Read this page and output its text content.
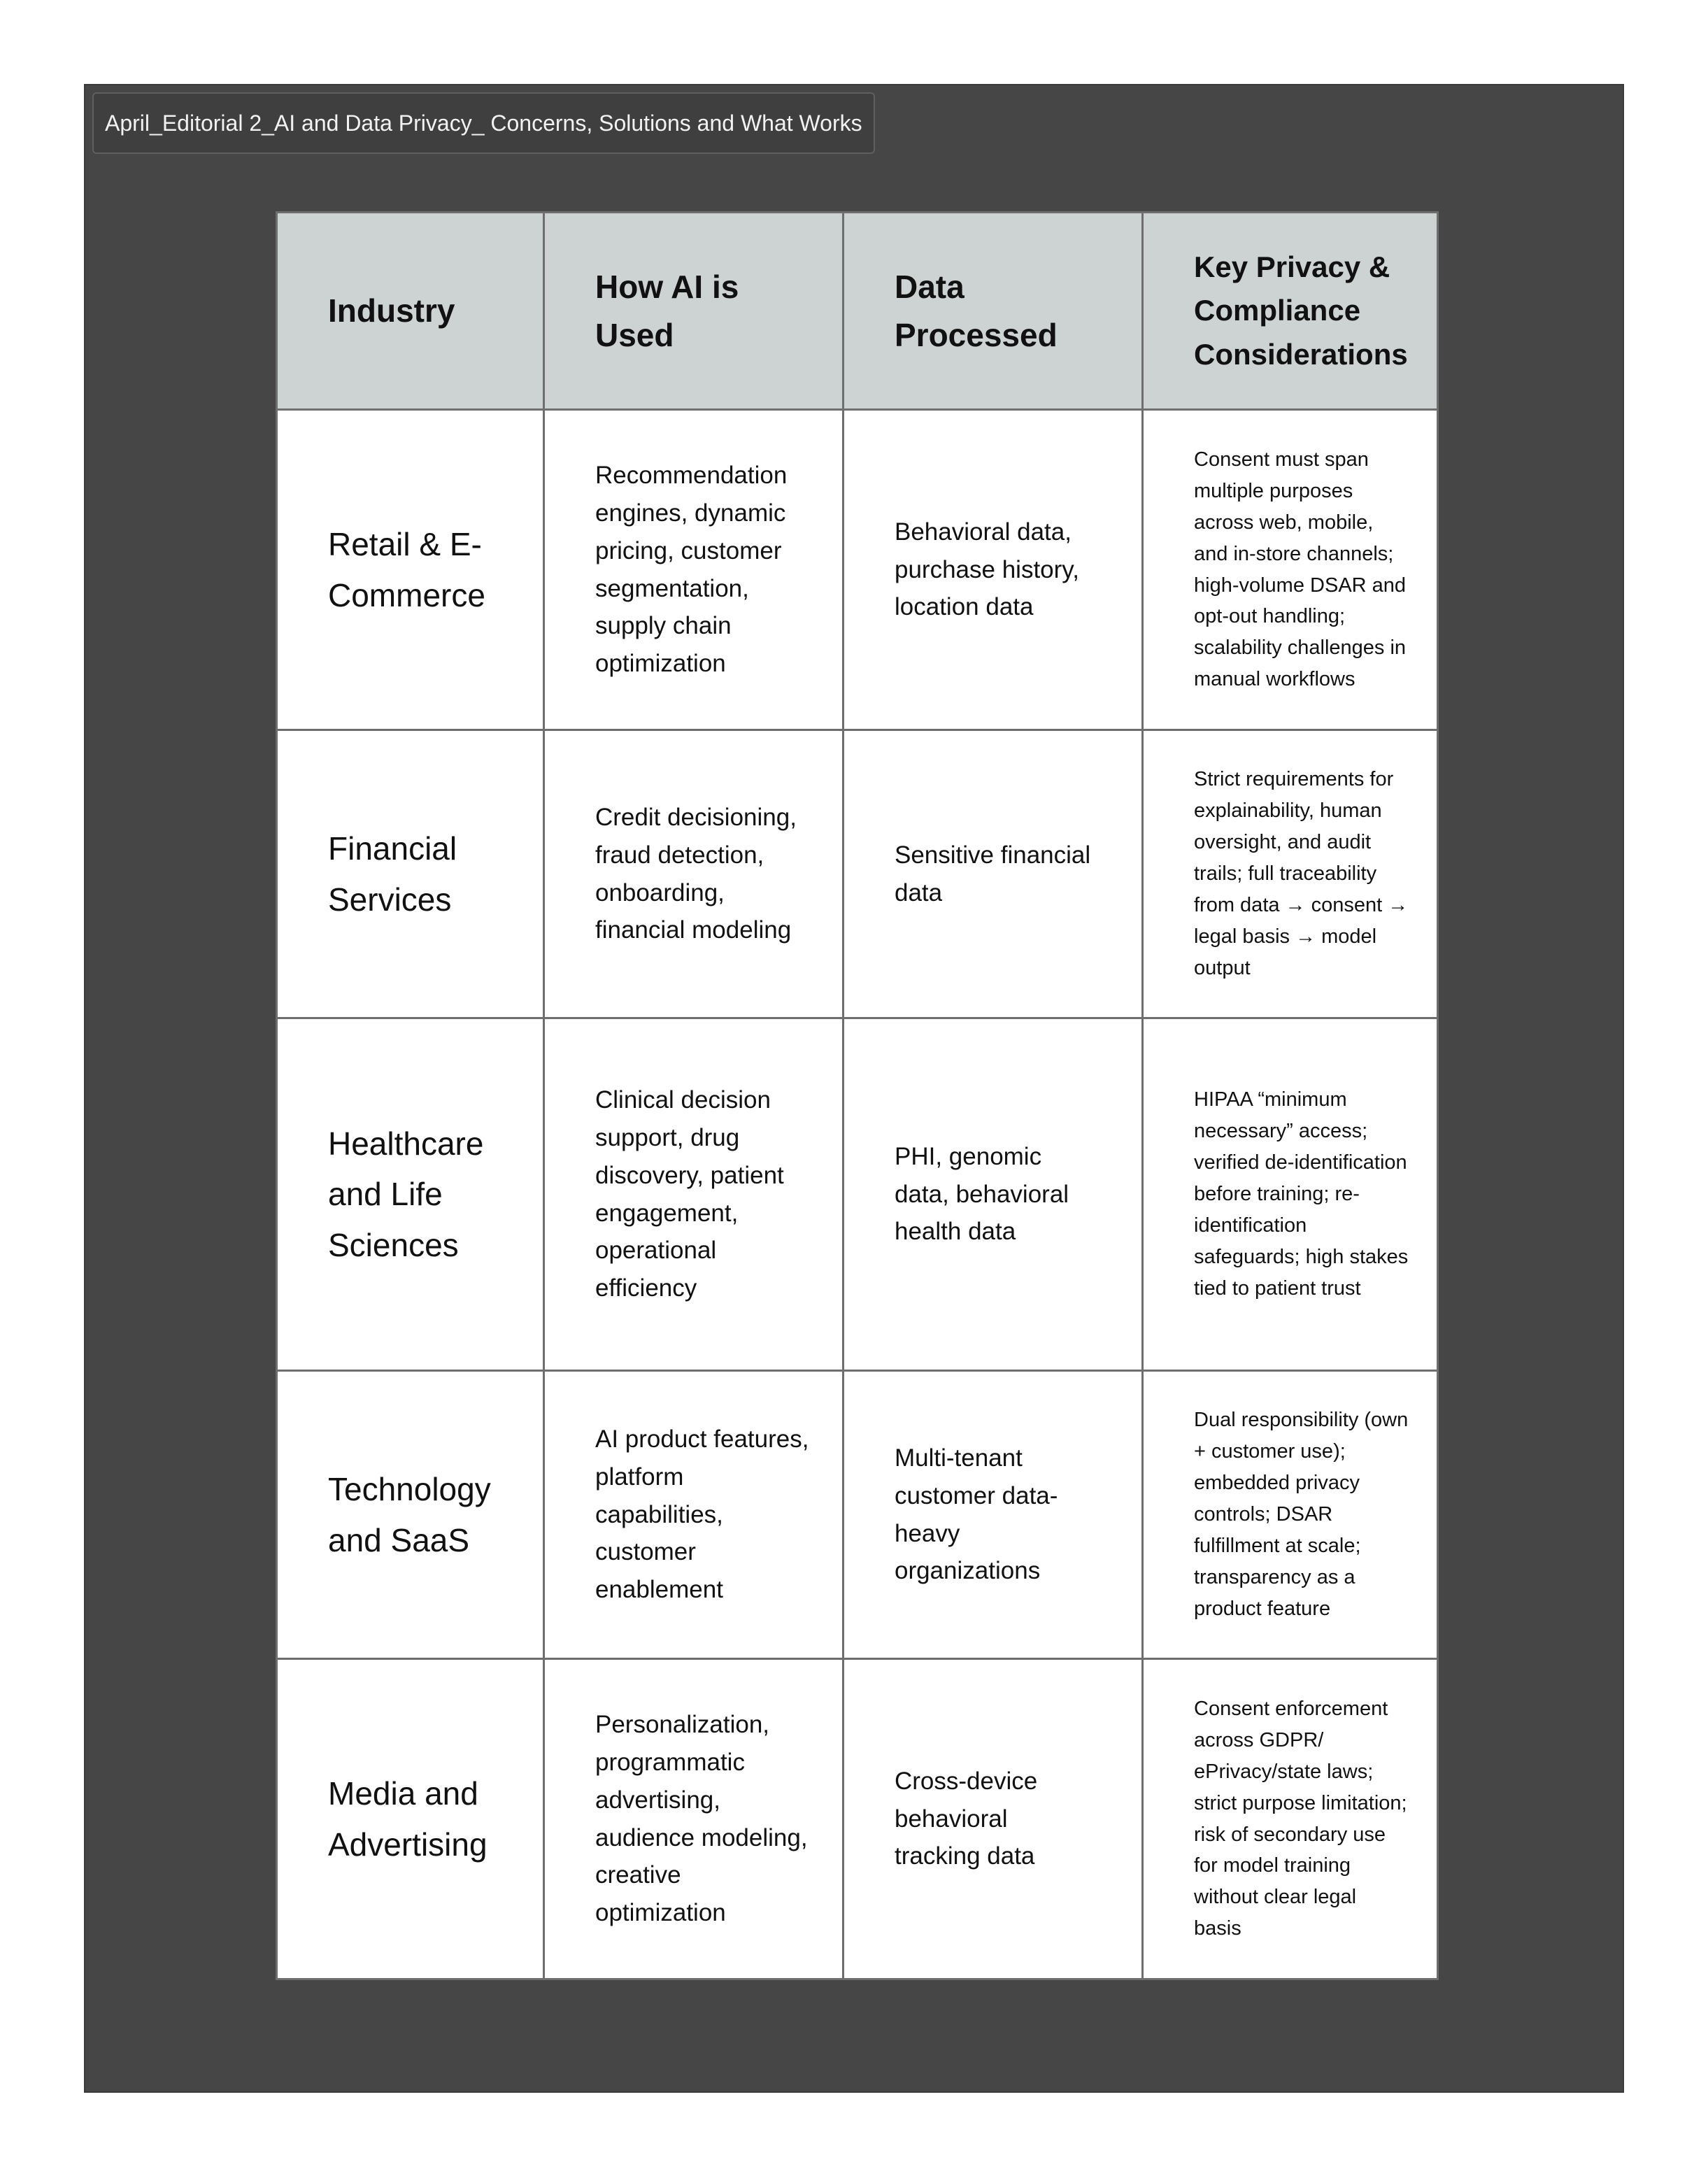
April_Editorial 2_AI and Data Privacy_ Concerns, Solutions and What Works
Industry	How AI is Used	Data Processed	Key Privacy & Compliance Considerations
Retail & E-Commerce	Recommendation engines, dynamic pricing, customer segmentation, supply chain optimization	Behavioral data, purchase history, location data	Consent must span multiple purposes across web, mobile, and in-store channels; high-volume DSAR and opt-out handling; scalability challenges in manual workflows
Financial Services	Credit decisioning, fraud detection, onboarding, financial modeling	Sensitive financial data	Strict requirements for explainability, human oversight, and audit trails; full traceability from data → consent → legal basis → model output
Healthcare and Life Sciences	Clinical decision support, drug discovery, patient engagement, operational efficiency	PHI, genomic data, behavioral health data	HIPAA “minimum necessary” access; verified de-identification before training; re-identification safeguards; high stakes tied to patient trust
Technology and SaaS	AI product features, platform capabilities, customer enablement	Multi-tenant customer data-heavy organizations	Dual responsibility (own + customer use); embedded privacy controls; DSAR fulfillment at scale; transparency as a product feature
Media and Advertising	Personalization, programmatic advertising, audience modeling, creative optimization	Cross-device behavioral tracking data	Consent enforcement across GDPR/ ePrivacy/state laws; strict purpose limitation; risk of secondary use for model training without clear legal basis
